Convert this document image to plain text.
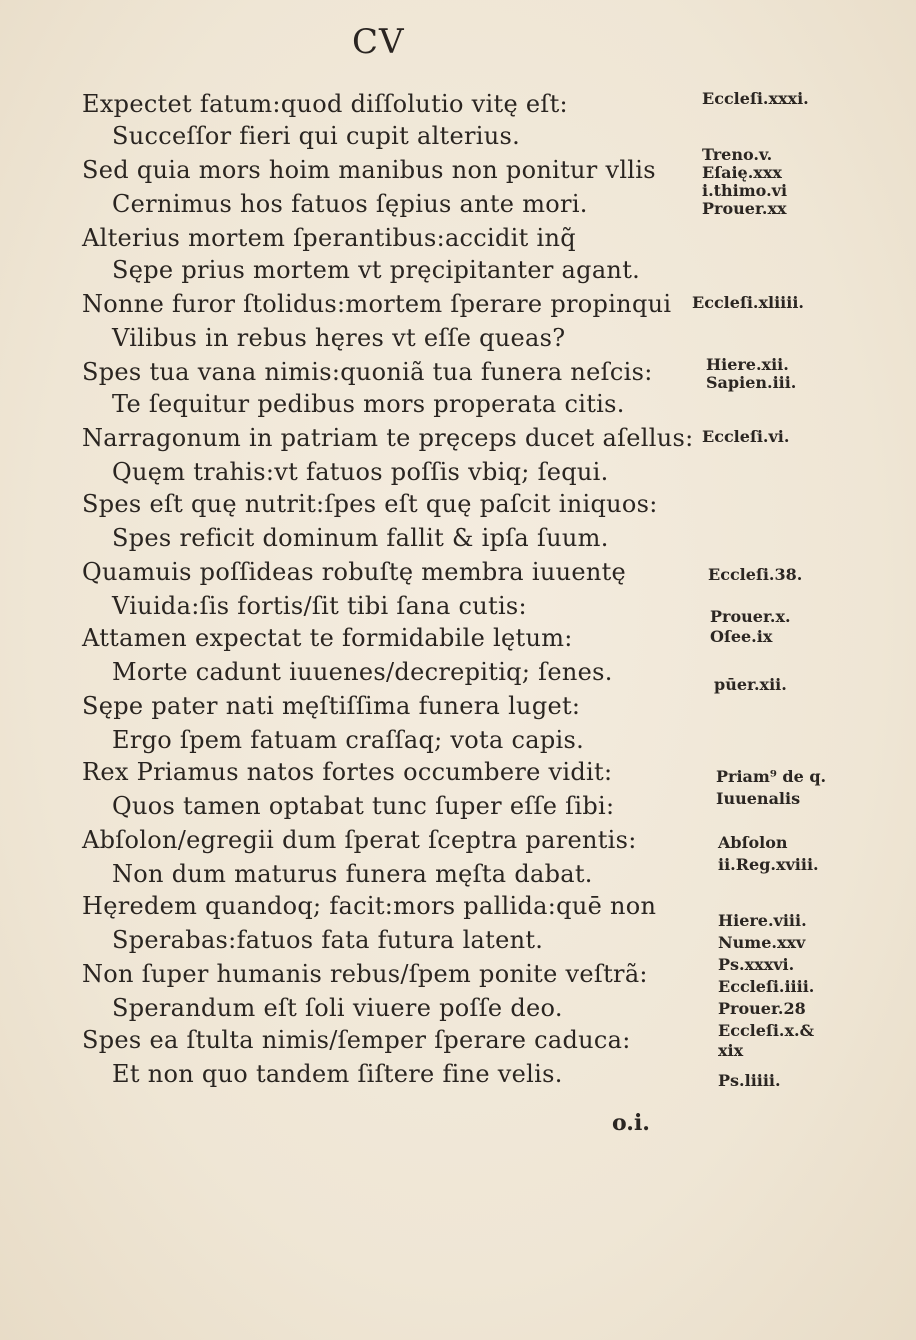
CV
Expectet fatum:quod diſſolutio vitę eſt:
Succeſſor fieri qui cupit alterius.
Sed quia mors hoim manibus non ponitur vllis
Cernimus hos fatuos ſępius ante mori.
Alterius mortem ſperantibus:accidit inq̃
Sępe prius mortem vt pręcipitanter agant.
Nonne furor ſtolidus:mortem ſperare propinqui
Vilibus in rebus hęres vt eſſe queas?
Spes tua vana nimis:quoniã tua funera neſcis:
Te ſequitur pedibus mors properata citis.
Narragonum in patriam te pręceps ducet aſellus:
Quęm trahis:vt fatuos poſſis vbiq; ſequi.
Spes eſt quę nutrit:ſpes eſt quę paſcit iniquos:
Spes reficit dominum fallit & ipſa ſuum.
Quamuis poſſideas robuſtę membra iuuentę
Viuida:ſis fortis/ſit tibi ſana cutis:
Attamen expectat te formidabile lętum:
Morte cadunt iuuenes/decrepitiq; ſenes.
Sępe pater nati męſtiſſima funera luget:
Ergo ſpem fatuam craſſaq; vota capis.
Rex Priamus natos fortes occumbere vidit:
Quos tamen optabat tunc ſuper eſſe ſibi:
Abſolon/egregii dum ſperat ſceptra parentis:
Non dum maturus funera męſta dabat.
Hęredem quandoq; facit:mors pallida:quē non
Sperabas:fatuos fata futura latent.
Non ſuper humanis rebus/ſpem ponite veſtrã:
Sperandum eſt ſoli viuere poſſe deo.
Spes ea ſtulta nimis/ſemper ſperare caduca:
Et non quo tandem ſiſtere fine velis.
Eccleſi.xxxi.
Treno.v.
Eſaię.xxx
i.thimo.vi
Prouer.xx
Eccleſi.xliiii.
Hiere.xii.
Sapien.iii.
Eccleſi.vi.
Eccleſi.38.
Prouer.x.
Oſee.ix
pūer.xii.
Priam⁹ de q.
Iuuenalis
Abſolon
ii.Reg.xviii.
Hiere.viii.
Nume.xxv
Ps.xxxvi.
Eccleſi.iiii.
Prouer.28
Eccleſi.x.&
xix
Ps.liiii.
o.i.
